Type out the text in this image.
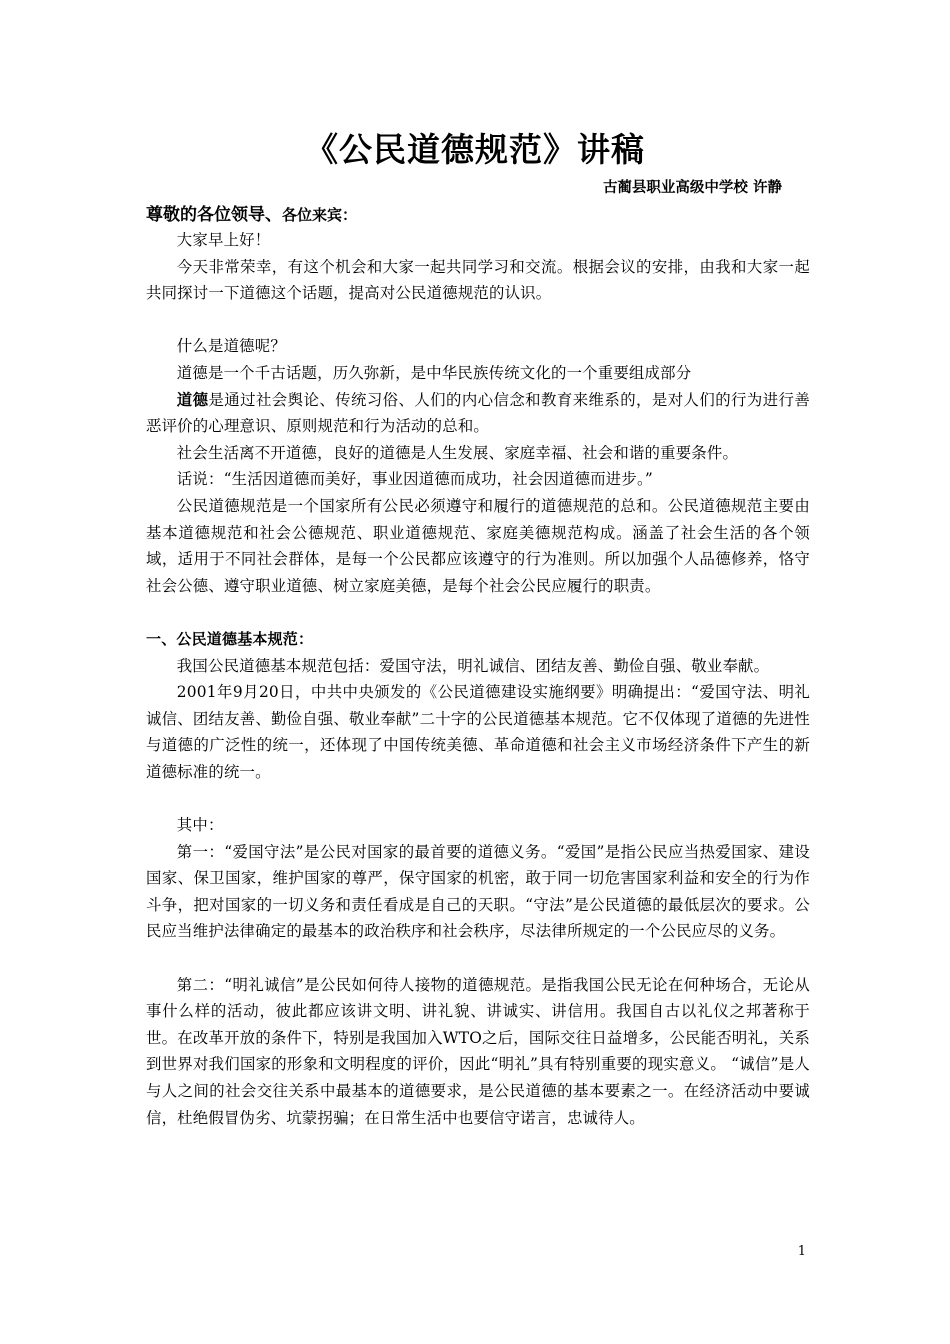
《公民道德规范》讲稿
古蔺县职业高级中学校 许静
尊敬的各位领导、各位来宾：

大家早上好！

今天非常荣幸，有这个机会和大家一起共同学习和交流。根据会议的安排，由我和大家一起共同探讨一下道德这个话题，提高对公民道德规范的认识。

什么是道德呢？

道德是一个千古话题，历久弥新，是中华民族传统文化的一个重要组成部分

道德是通过社会舆论、传统习俗、人们的内心信念和教育来维系的，是对人们的行为进行善恶评价的心理意识、原则规范和行为活动的总和。

社会生活离不开道德，良好的道德是人生发展、家庭幸福、社会和谐的重要条件。

话说：“生活因道德而美好，事业因道德而成功，社会因道德而进步。”

公民道德规范是一个国家所有公民必须遵守和履行的道德规范的总和。公民道德规范主要由基本道德规范和社会公德规范、职业道德规范、家庭美德规范构成。涵盖了社会生活的各个领域，适用于不同社会群体，是每一个公民都应该遵守的行为准则。所以加强个人品德修养，恪守社会公德、遵守职业道德、树立家庭美德，是每个社会公民应履行的职责。

一、公民道德基本规范：

我国公民道德基本规范包括：爱国守法，明礼诚信、团结友善、勤俭自强、敬业奉献。

2001年9月20日，中共中央颁发的《公民道德建设实施纲要》明确提出：“爱国守法、明礼诚信、团结友善、勤俭自强、敬业奉献”二十字的公民道德基本规范。它不仅体现了道德的先进性与道德的广泛性的统一，还体现了中国传统美德、革命道德和社会主义市场经济条件下产生的新道德标准的统一。

其中：

第一：“爱国守法”是公民对国家的最首要的道德义务。“爱国”是指公民应当热爱国家、建设国家、保卫国家，维护国家的尊严，保守国家的机密，敢于同一切危害国家利益和安全的行为作斗争，把对国家的一切义务和责任看成是自己的天职。“守法”是公民道德的最低层次的要求。公民应当维护法律确定的最基本的政治秩序和社会秩序，尽法律所规定的一个公民应尽的义务。

第二：“明礼诚信”是公民如何待人接物的道德规范。是指我国公民无论在何种场合，无论从事什么样的活动，彼此都应该讲文明、讲礼貌、讲诚实、讲信用。我国自古以礼仪之邦著称于世。在改革开放的条件下，特别是我国加入WTO之后，国际交往日益增多，公民能否明礼，关系到世界对我们国家的形象和文明程度的评价，因此“明礼”具有特别重要的现实意义。 “诚信”是人与人之间的社会交往关系中最基本的道德要求，是公民道德的基本要素之一。在经济活动中要诚信，杜绝假冒伪劣、坑蒙拐骗；在日常生活中也要信守诺言，忠诚待人。

1
